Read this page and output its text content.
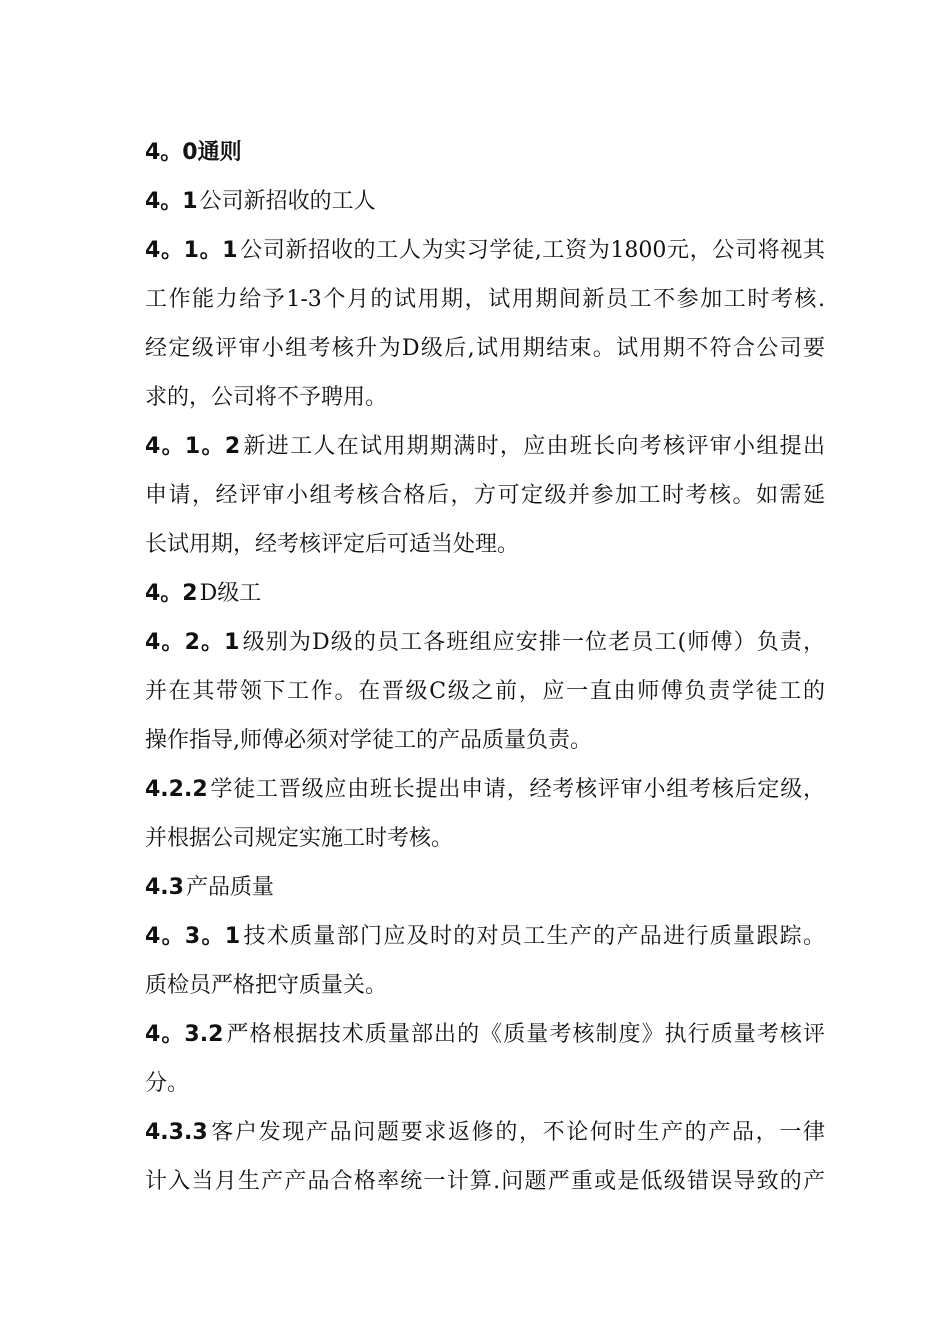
4。0通则
4。1公司新招收的工人
4。1。1公司新招收的工人为实习学徒,工资为1800元，公司将视其
工作能力给予1-3个月的试用期，试用期间新员工不参加工时考核.
经定级评审小组考核升为D级后,试用期结束。试用期不符合公司要
求的，公司将不予聘用。
4。1。2新进工人在试用期期满时，应由班长向考核评审小组提出
申请，经评审小组考核合格后，方可定级并参加工时考核。如需延
长试用期，经考核评定后可适当处理。
4。2D级工
4。2。1级别为D级的员工各班组应安排一位老员工(师傅）负责，
并在其带领下工作。在晋级C级之前，应一直由师傅负责学徒工的
操作指导,师傅必须对学徒工的产品质量负责。
4.2.2学徒工晋级应由班长提出申请，经考核评审小组考核后定级，
并根据公司规定实施工时考核。
4.3产品质量
4。3。1技术质量部门应及时的对员工生产的产品进行质量跟踪。
质检员严格把守质量关。
4。3.2严格根据技术质量部出的《质量考核制度》执行质量考核评
分。
4.3.3客户发现产品问题要求返修的，不论何时生产的产品，一律
计入当月生产产品合格率统一计算.问题严重或是低级错误导致的产
